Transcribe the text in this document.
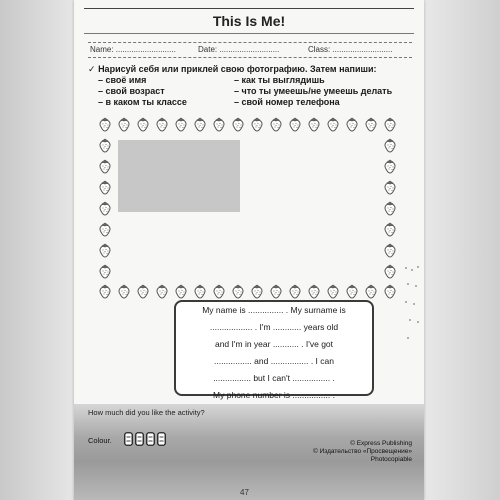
This Is Me!
Name: ...........................	Date: ...........................	Class: ...........................
✓ Нарисуй себя или приклей свою фотографию. Затем напиши:
– своё имя
– свой возраст
– в каком ты классе
– как ты выглядишь
– что ты умеешь/не умеешь делать
– свой номер телефона

My name is ............... . My surname is

.................. . I'm ............ years old

and I'm in year ........... . I've got

................ and ................ . I can

................ but I can't ................ .

My phone number is ................ .

How much did you like the activity?
Colour.	© Express Publishing
© Издательство «Просвещение»
Photocopiable
47
